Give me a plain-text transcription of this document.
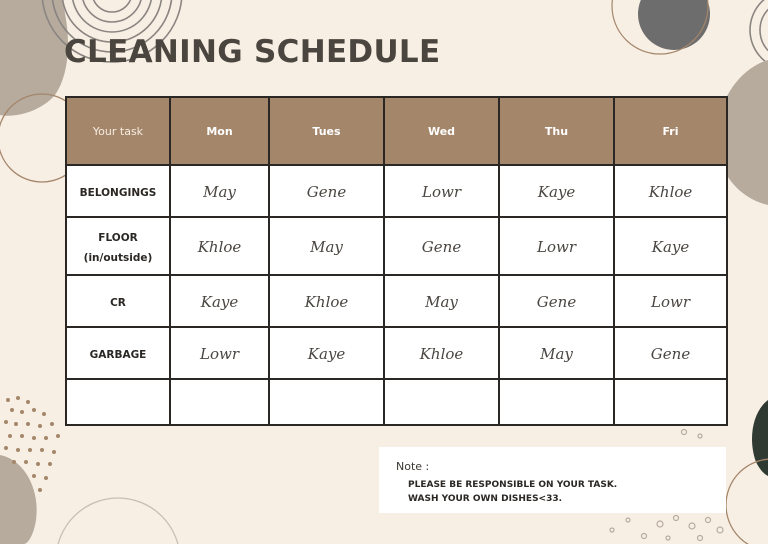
CLEANING SCHEDULE
Your task	Mon	Tues	Wed	Thu	Fri
BELONGINGS	May	Gene	Lowr	Kaye	Khloe
FLOOR
(in/outside)	Khloe	May	Gene	Lowr	Kaye
CR	Kaye	Khloe	May	Gene	Lowr
GARBAGE	Lowr	Kaye	Khloe	May	Gene

Note :
PLEASE BE RESPONSIBLE ON YOUR TASK.
WASH YOUR OWN DISHES<33.
